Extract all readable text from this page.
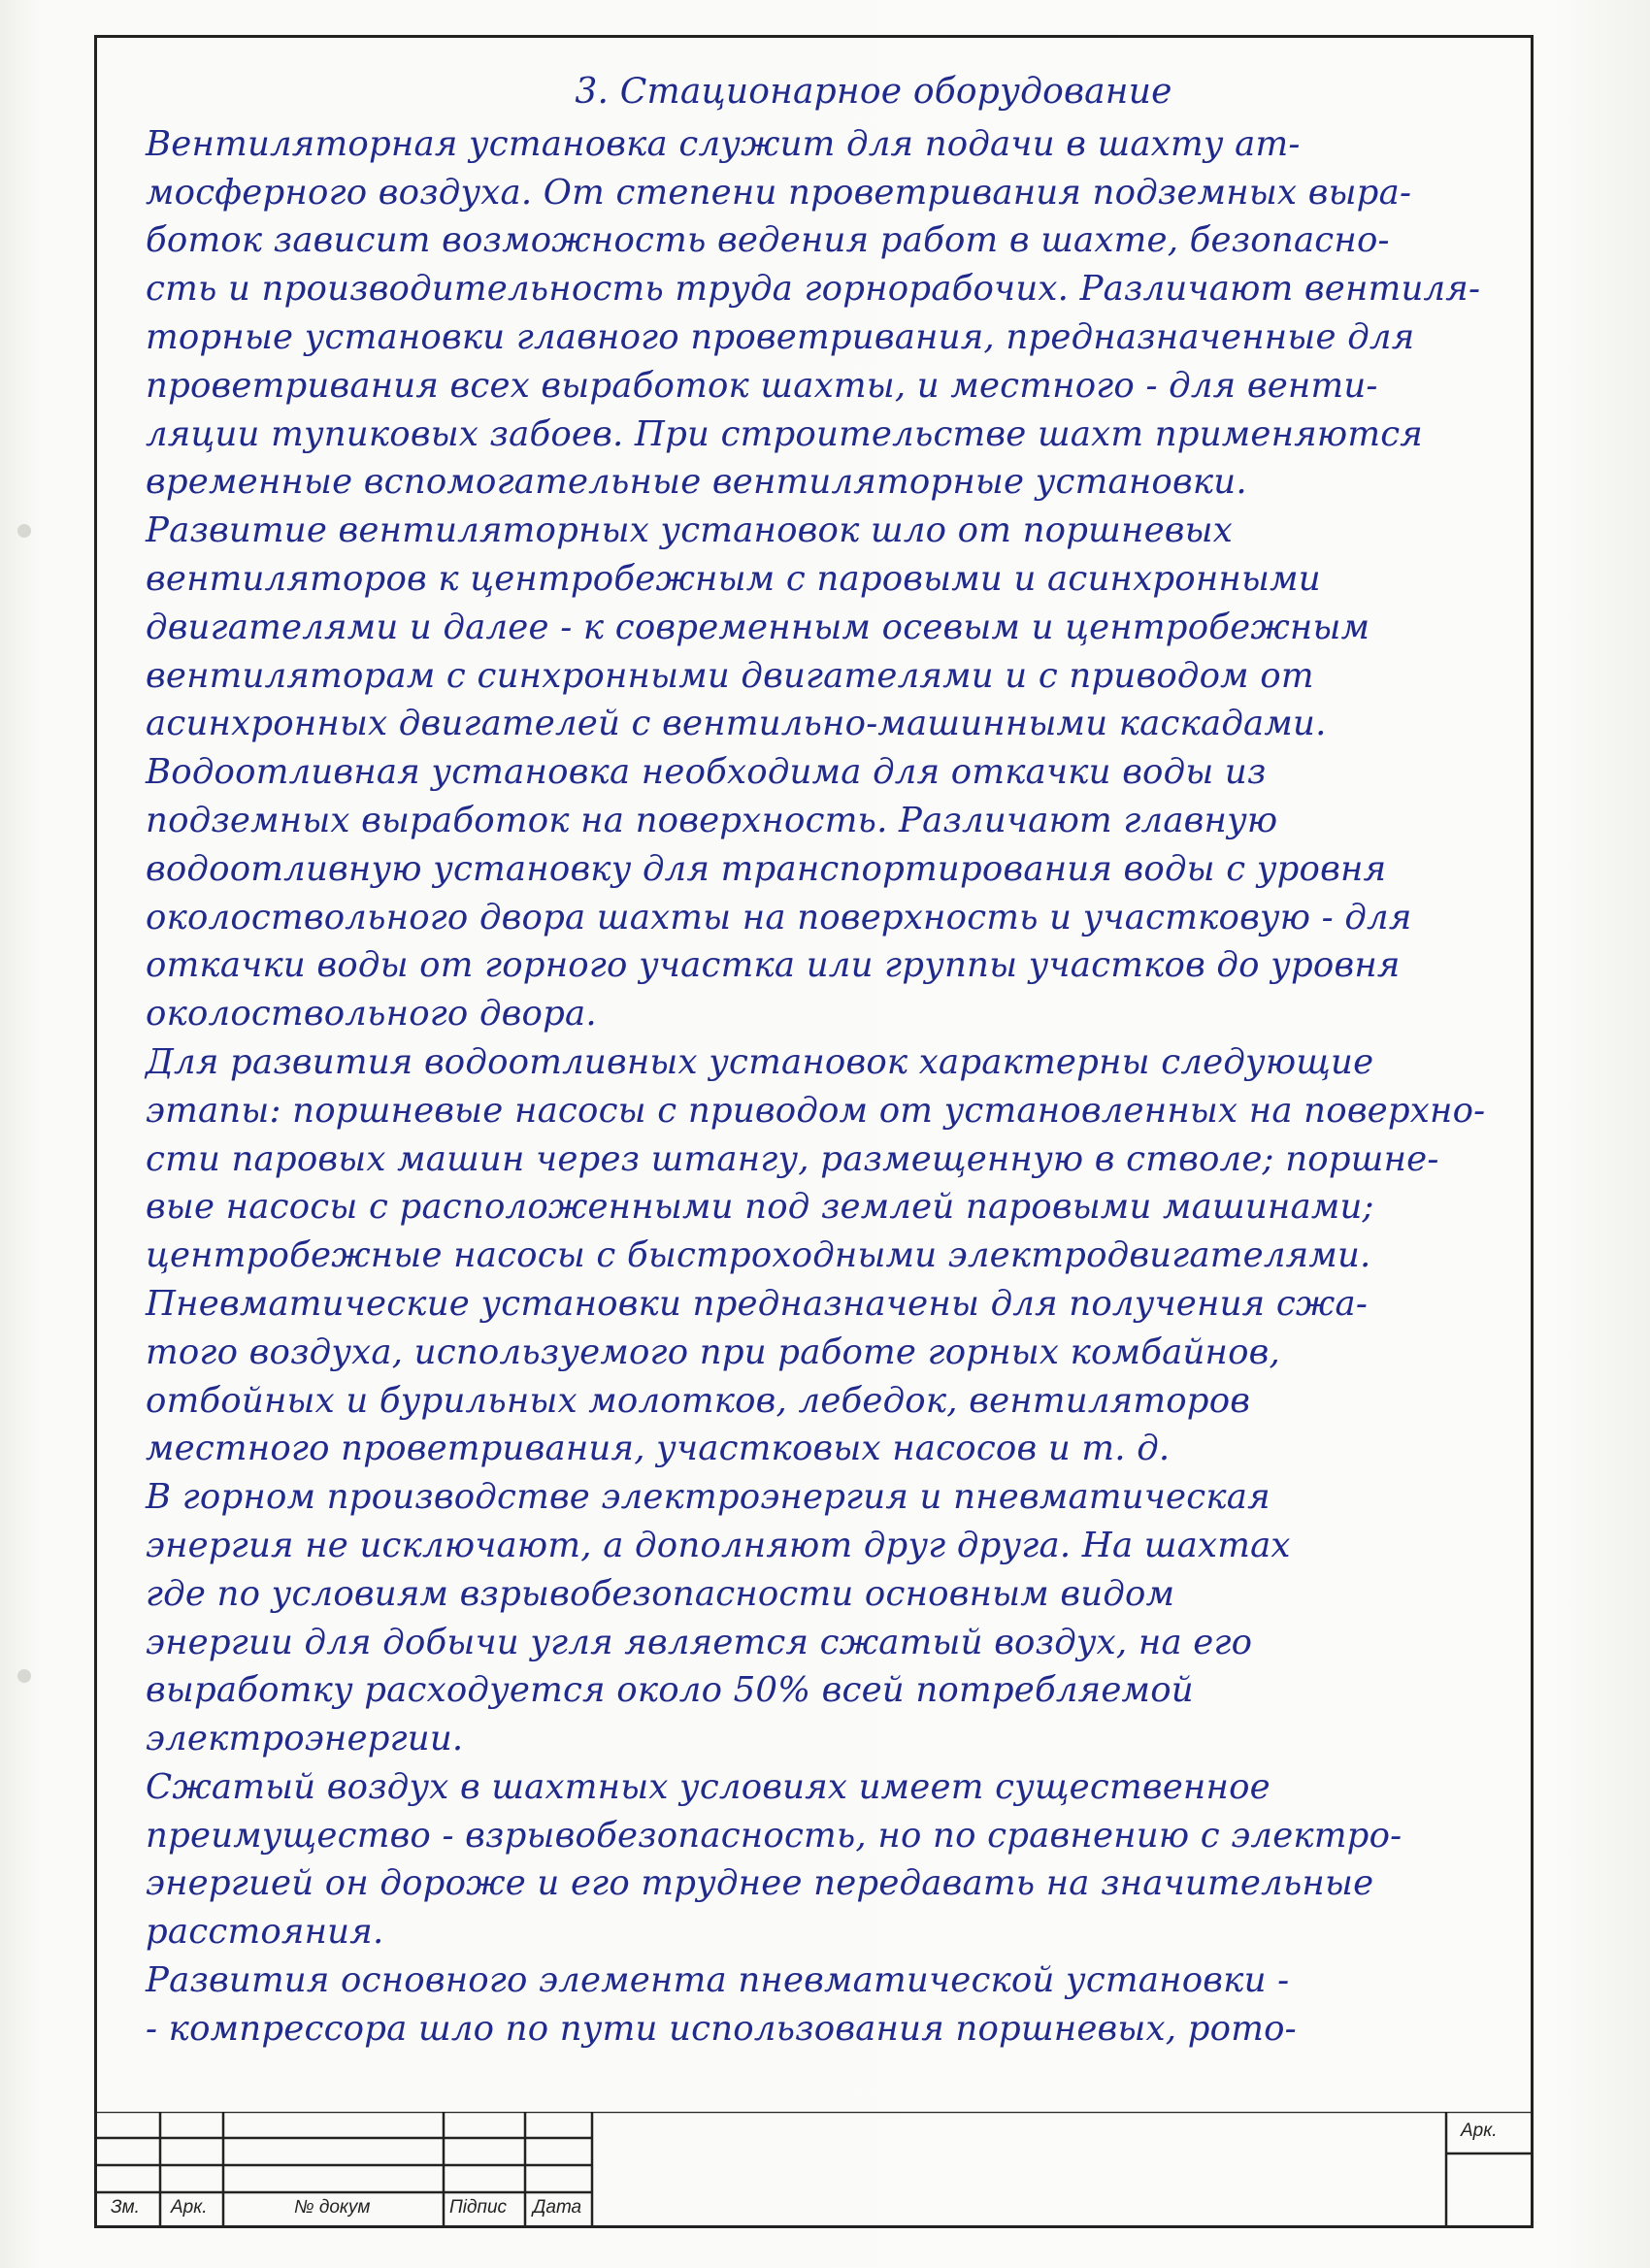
3. Стационарное оборудование
Вентиляторная установка служит для подачи в шахту ат-
мосферного воздуха. От степени проветривания подземных выра-
боток зависит возможность ведения работ в шахте, безопасно-
сть и производительность труда горнорабочих. Различают вентиля-
торные установки главного проветривания, предназначенные для
проветривания всех выработок шахты, и местного - для венти-
ляции тупиковых забоев. При строительстве шахт применяются
временные вспомогательные вентиляторные установки.
Развитие вентиляторных установок шло от поршневых
вентиляторов к центробежным с паровыми и асинхронными
двигателями и далее - к современным осевым и центробежным
вентиляторам с синхронными двигателями и с приводом от
асинхронных двигателей с вентильно-машинными каскадами.
Водоотливная установка необходима для откачки воды из
подземных выработок на поверхность. Различают главную
водоотливную установку для транспортирования воды с уровня
околоствольного двора шахты на поверхность и участковую - для
откачки воды от горного участка или группы участков до уровня
околоствольного двора.
Для развития водоотливных установок характерны следующие
этапы: поршневые насосы с приводом от установленных на поверхно-
сти паровых машин через штангу, размещенную в стволе; поршне-
вые насосы с расположенными под землей паровыми машинами;
центробежные насосы с быстроходными электродвигателями.
Пневматические установки предназначены для получения сжа-
того воздуха, используемого при работе горных комбайнов,
отбойных и бурильных молотков, лебедок, вентиляторов
местного проветривания, участковых насосов и т. д.
В горном производстве электроэнергия и пневматическая
энергия не исключают, а дополняют друг друга. На шахтах
где по условиям взрывобезопасности основным видом
энергии для добычи угля является сжатый воздух, на его
выработку расходуется около 50% всей потребляемой
электроэнергии.
Сжатый воздух в шахтных условиях имеет существенное
преимущество - взрывобезопасность, но по сравнению с электро-
энергией он дороже и его труднее передавать на значительные
расстояния.
Развития основного элемента пневматической установки -
- компрессора шло по пути использования поршневых, рото-
Арк.
Зм. Арк.	№ докум	Підпис Дата
